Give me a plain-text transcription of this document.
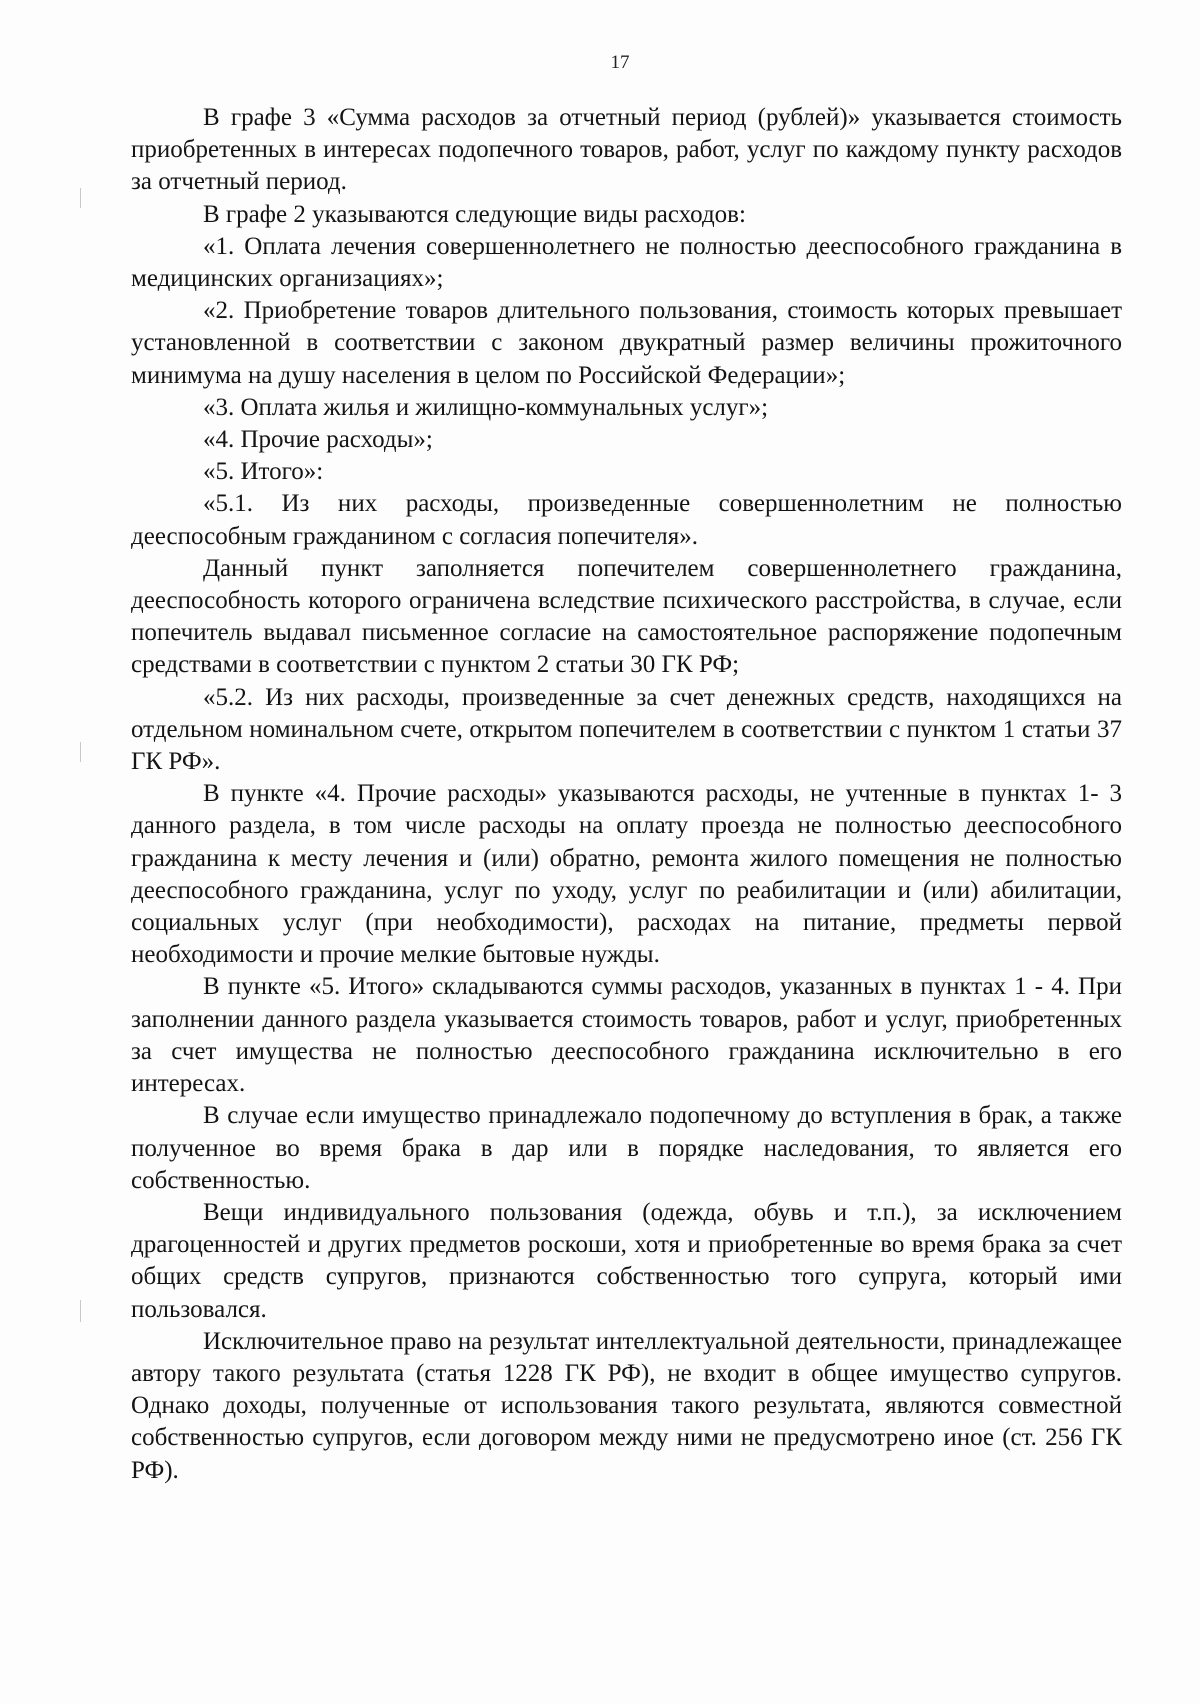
17

В графе 3 «Сумма расходов за отчетный период (рублей)» указывается стоимость приобретенных в интересах подопечного товаров, работ, услуг по каждому пункту расходов за отчетный период.

В графе 2 указываются следующие виды расходов:

«1. Оплата лечения совершеннолетнего не полностью дееспособного гражданина в медицинских организациях»;

«2. Приобретение товаров длительного пользования, стоимость которых превышает установленной в соответствии с законом двукратный размер величины прожиточного минимума на душу населения в целом по Российской Федерации»;

«3. Оплата жилья и жилищно-коммунальных услуг»;

«4. Прочие расходы»;

«5. Итого»:

«5.1. Из них расходы, произведенные совершеннолетним не полностью дееспособным гражданином с согласия попечителя».

Данный пункт заполняется попечителем совершеннолетнего гражданина, дееспособность которого ограничена вследствие психического расстройства, в случае, если попечитель выдавал письменное согласие на самостоятельное распоряжение подопечным средствами в соответствии с пунктом 2 статьи 30 ГК РФ;

«5.2. Из них расходы, произведенные за счет денежных средств, находящихся на отдельном номинальном счете, открытом попечителем в соответствии с пунктом 1 статьи 37 ГК РФ».

В пункте «4. Прочие расходы» указываются расходы, не учтенные в пунктах 1- 3 данного раздела, в том числе расходы на оплату проезда не полностью дееспособного гражданина к месту лечения и (или) обратно, ремонта жилого помещения не полностью дееспособного гражданина, услуг по уходу, услуг по реабилитации и (или) абилитации, социальных услуг (при необходимости), расходах на питание, предметы первой необходимости и прочие мелкие бытовые нужды.

В пункте «5. Итого» складываются суммы расходов, указанных в пунктах 1 - 4. При заполнении данного раздела указывается стоимость товаров, работ и услуг, приобретенных за счет имущества не полностью дееспособного гражданина исключительно в его интересах.

В случае если имущество принадлежало подопечному до вступления в брак, а также полученное во время брака в дар или в порядке наследования, то является его собственностью.

Вещи индивидуального пользования (одежда, обувь и т.п.), за исключением драгоценностей и других предметов роскоши, хотя и приобретенные во время брака за счет общих средств супругов, признаются собственностью того супруга, который ими пользовался.

Исключительное право на результат интеллектуальной деятельности, принадлежащее автору такого результата (статья 1228 ГК РФ), не входит в общее имущество супругов. Однако доходы, полученные от использования такого результата, являются совместной собственностью супругов, если договором между ними не предусмотрено иное (ст. 256 ГК РФ).
